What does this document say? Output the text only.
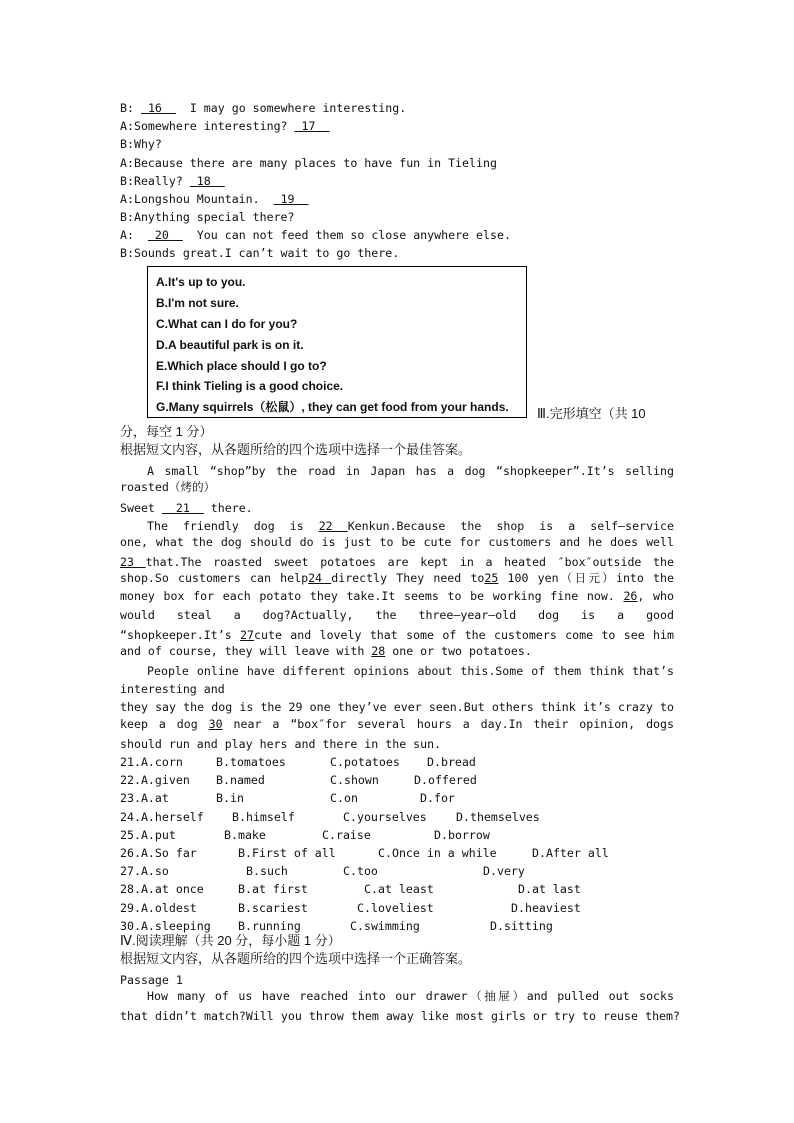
B: 16    I may go somewhere interesting.
A:Somewhere interesting?  17
B:Why?
A:Because there are many places to have fun in Tieling
B:Really?  18
A:Longshou Mountain.   19
B:Anything special there?
A: 20    You can not feed them so close anywhere else.
B:Sounds great.I can’t wait to go there.
A.It's up to you.
B.I'm not sure.
C.What can I do for you?
D.A beautiful park is on it.
E.Which place should I go to?
F.I think Tieling is a good choice.
G.Many squirrels（松鼠）, they can get food from your hands. Ⅲ.完形填空（共 10
分，每空 1 分）
根据短文内容，从各题所给的四个选项中选择一个最佳答案。
A small “shop”by the road in Japan has a dog “shopkeeper”.It’s selling
roasted（烤的）
Sweet   21   there.
The friendly dog is 22 Kenkun.Because the shop is a self—service
one, what the dog should do is just to be cute for customers and he does well
23 that.The roasted sweet potatoes are kept in a heated ″box″outside the
shop.So customers can help24 directly They need to25 100 yen（日元）into the
money box for each potato they take.It seems to be working fine now. 26, who
would steal a dog?Actually, the three—year—old dog is a good
“shopkeeper.It’s 27cute and lovely that some of the customers come to see him
and of course, they will leave with 28 one or two potatoes.
People online have different opinions about this.Some of them think that’s
interesting and
they say the dog is the 29 one they’ve ever seen.But others think it’s crazy to
keep a dog 30 near a “box″for several hours a day.In their opinion, dogs
should run and play hers and there in the sun.
21.A.corn	B.tomatoes	C.potatoes D.bread
22.A.given B.named	C.shown	D.offered
23.A.at	B.in	C.on	D.for
24.A.herself B.himself	C.yourselves	D.themselves
25.A.put	B.make	C.raise	D.borrow
26.A.So far	B.First of all	C.Once in a while	D.After all
27.A.so	B.such	C.too	D.very
28.A.at once	B.at first	C.at least	D.at last
29.A.oldest	B.scariest	C.loveliest	D.heaviest
30.A.sleeping B.running	C.swimming	D.sitting
Ⅳ.阅读理解（共 20 分，每小题 1 分）
根据短文内容，从各题所给的四个选项中选择一个正确答案。
Passage 1
How many of us have reached into our drawer（抽屉）and pulled out socks
that didn’t match?Will you throw them away like most girls or try to reuse them?
